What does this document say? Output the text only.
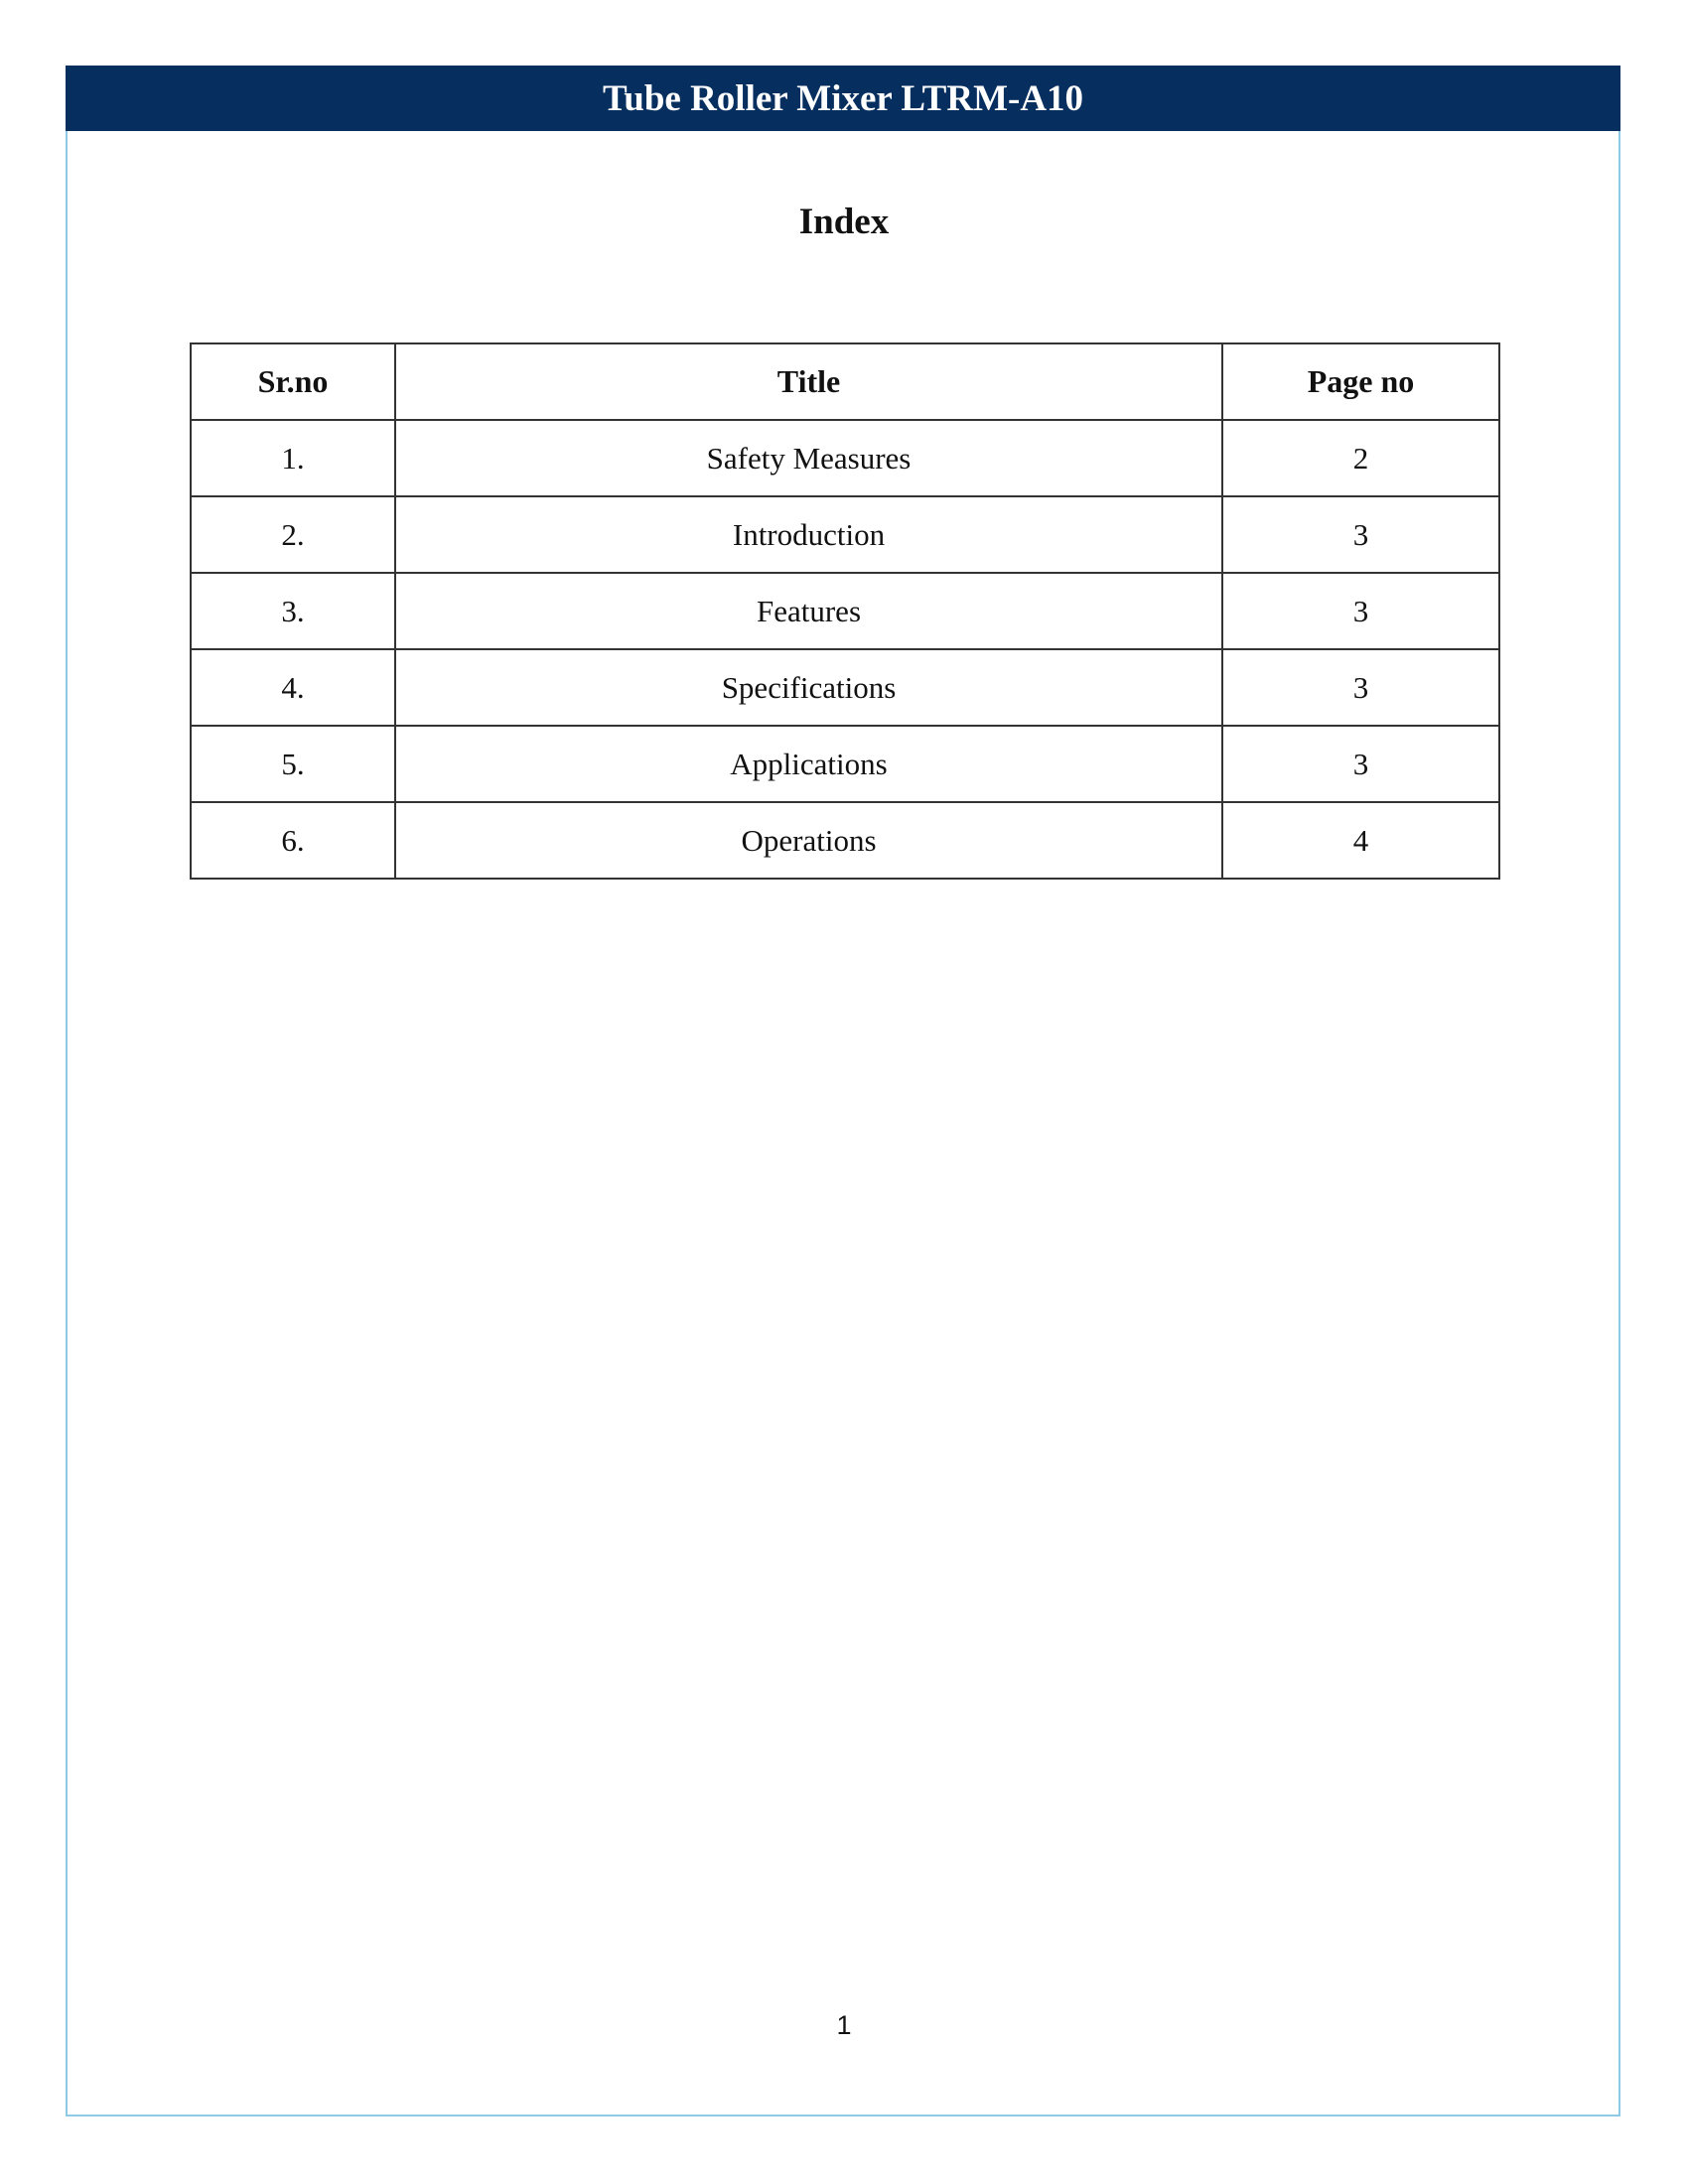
Tube Roller Mixer LTRM-A10
Index
Sr.no	Title	Page no
1.	Safety Measures	2
2.	Introduction	3
3.	Features	3
4.	Specifications	3
5.	Applications	3
6.	Operations	4
1
